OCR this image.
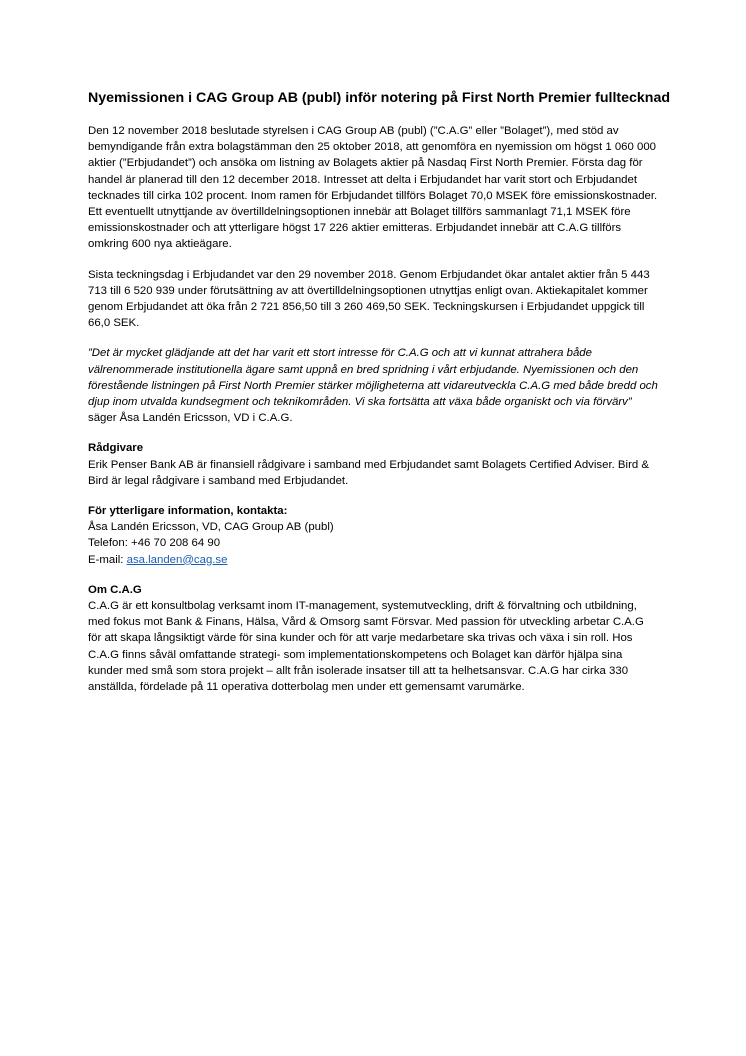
Nyemissionen i CAG Group AB (publ) inför notering på First North Premier fulltecknad

Den 12 november 2018 beslutade styrelsen i CAG Group AB (publ) (”C.A.G” eller ”Bolaget”), med stöd av bemyndigande från extra bolagstämman den 25 oktober 2018, att genomföra en nyemission om högst 1 060 000 aktier (”Erbjudandet”) och ansöka om listning av Bolagets aktier på Nasdaq First North Premier. Första dag för handel är planerad till den 12 december 2018. Intresset att delta i Erbjudandet har varit stort och Erbjudandet tecknades till cirka 102 procent. Inom ramen för Erbjudandet tillförs Bolaget 70,0 MSEK före emissionskostnader. Ett eventuellt utnyttjande av övertilldelningsoptionen innebär att Bolaget tillförs sammanlagt 71,1 MSEK före emissionskostnader och att ytterligare högst 17 226 aktier emitteras. Erbjudandet innebär att C.A.G tillförs omkring 600 nya aktieägare.

Sista teckningsdag i Erbjudandet var den 29 november 2018. Genom Erbjudandet ökar antalet aktier från 5 443 713 till 6 520 939 under förutsättning av att övertilldelningsoptionen utnyttjas enligt ovan. Aktiekapitalet kommer genom Erbjudandet att öka från 2 721 856,50 till 3 260 469,50 SEK. Teckningskursen i Erbjudandet uppgick till 66,0 SEK.

”Det är mycket glädjande att det har varit ett stort intresse för C.A.G och att vi kunnat attrahera både välrenommerade institutionella ägare samt uppnå en bred spridning i vårt erbjudande. Nyemissionen och den förestående listningen på First North Premier stärker möjligheterna att vidareutveckla C.A.G med både bredd och djup inom utvalda kundsegment och teknikområden. Vi ska fortsätta att växa både organiskt och via förvärv” säger Åsa Landén Ericsson, VD i C.A.G.

Rådgivare
Erik Penser Bank AB är finansiell rådgivare i samband med Erbjudandet samt Bolagets Certified Adviser. Bird & Bird är legal rådgivare i samband med Erbjudandet.
För ytterligare information, kontakta:
Åsa Landén Ericsson, VD, CAG Group AB (publ)
Telefon: +46 70 208 64 90
E-mail: asa.landen@cag.se
Om C.A.G
C.A.G är ett konsultbolag verksamt inom IT-management, systemutveckling, drift & förvaltning och utbildning, med fokus mot Bank & Finans, Hälsa, Vård & Omsorg samt Försvar. Med passion för utveckling arbetar C.A.G för att skapa långsiktigt värde för sina kunder och för att varje medarbetare ska trivas och växa i sin roll. Hos C.A.G finns såväl omfattande strategi- som implementationskompetens och Bolaget kan därför hjälpa sina kunder med små som stora projekt – allt från isolerade insatser till att ta helhetsansvar. C.A.G har cirka 330 anställda, fördelade på 11 operativa dotterbolag men under ett gemensamt varumärke.
